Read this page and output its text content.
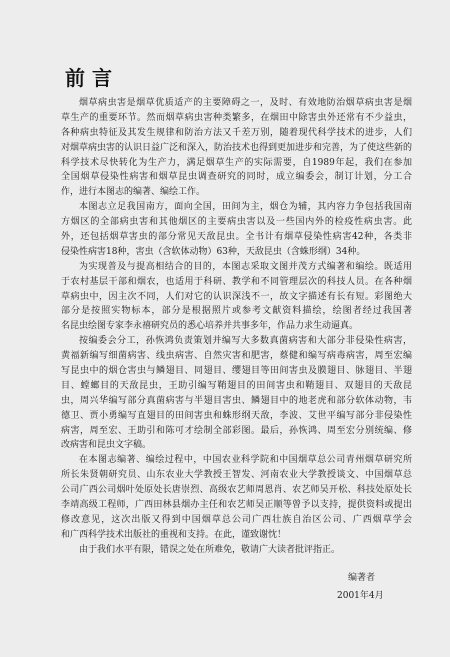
前 言
烟草病虫害是烟草优质适产的主要障碍之一，及时、有效地防治烟草病虫害是烟
草生产的重要环节。然而烟草病虫害种类繁多，在烟田中除害虫外还常有不少益虫，
各种病虫特征及其发生规律和防治方法又千差万别，随着现代科学技术的进步，人们
对烟草病虫害的认识日益广泛和深入，防治技术也得到更加进步和完善，为了使这些新的
科学技术尽快转化为生产力，满足烟草生产的实际需要，自1989年起，我们在参加
全国烟草侵染性病害和烟草昆虫调查研究的同时，成立编委会，制订计划，分工合
作，进行本图志的编著、编绘工作。
本图志立足我国南方，面向全国，田间为主，烟仓为辅，其内容力争包括我国南
方烟区的全部病虫害和其他烟区的主要病虫害以及一些国内外的检疫性病虫害。此
外，还包括烟草害虫的部分常见天敌昆虫。全书计有烟草侵染性病害42种，各类非
侵染性病害18种，害虫（含软体动物）63种，天敌昆虫（含蛛形纲）34种。
为实现普及与提高相结合的目的，本图志采取文图并茂方式编著和编绘。既适用
于农村基层干部和烟农，也适用于科研、教学和不同管理层次的科技人员。在各种烟
草病虫中，因主次不同，人们对它的认识深浅不一，故文字描述有长有短。彩图绝大
部分是按照实物标本，部分是根据照片或参考文献资料描绘，绘图者经过我国著
名昆虫绘图专家李永禧研究员的悉心培养并共事多年，作品力求生动逼真。
按编委会分工，孙恢鸿负责策划并编写大多数真菌病害和大部分非侵染性病害，
黄福新编写细菌病害、线虫病害、自然灾害和肥害，蔡健和编写病毒病害，周至宏编
写昆虫中的烟仓害虫与鳞翅目、同翅目、缨翅目等田间害虫及膜翅目、脉翅目、半翅
目、螳螂目的天敌昆虫，王助引编写鞘翅目的田间害虫和鞘翅目、双翅目的天敌昆
虫，周兴华编写部分真菌病害与半翅目害虫、鳞翅目中的地老虎和部分软体动物，韦
德卫、贾小勇编写直翅目的田间害虫和蛛形纲天敌，李波、艾世平编写部分非侵染性
病害，周至宏、王助引和陈可才绘制全部彩图。最后，孙恢鸿、周至宏分别统编、修
改病害和昆虫文字稿。
在本图志编著、编绘过程中，中国农业科学院和中国烟草总公司青州烟草研究所
所长朱贤朝研究员、山东农业大学教授王智发、河南农业大学教授谈文、中国烟草总
公司广西公司烟叶处原处长唐崇烈、高级农艺师周恩肖、农艺师吴开松、科技处原处长
李靖高级工程师，广西田林县烟办主任和农艺师吴正顺等曾予以支持，提供资料或提出
修改意见，这次出版又得到中国烟草总公司广西壮族自治区公司、广西烟草学会
和广西科学技术出版社的重视和支持。在此，谨致谢忱！
由于我们水平有限，错误之处在所难免，敬请广大读者批评指正。
编著者
2001年4月
